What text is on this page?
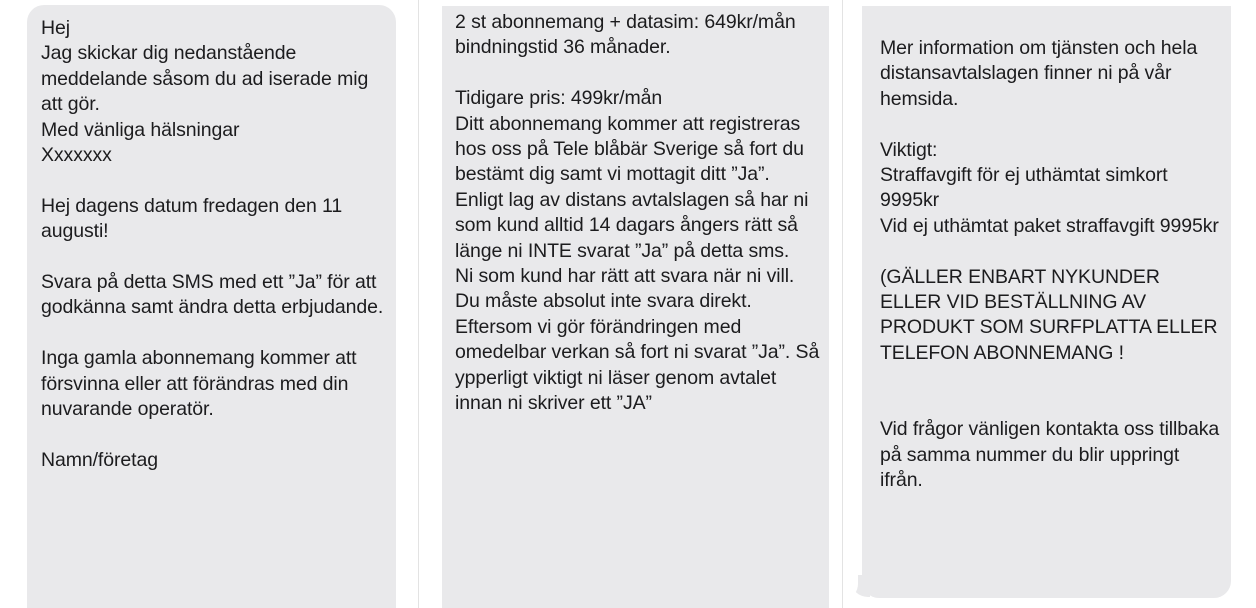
Hej
Jag skickar dig nedanstående meddelande såsom du ad iserade mig att gör.
Med vänliga hälsningar
Xxxxxxx

Hej dagens datum fredagen den 11 augusti!

Svara på detta SMS med ett ”Ja” för att godkänna samt ändra detta erbjudande.

Inga gamla abonnemang kommer att försvinna eller att förändras med din nuvarande operatör.

Namn/företag
2 st abonnemang + datasim: 649kr/mån bindningstid 36 månader.

Tidigare pris: 499kr/mån
Ditt abonnemang kommer att registreras hos oss på Tele blåbär Sverige så fort du bestämt dig samt vi mottagit ditt ”Ja”. Enligt lag av distans avtalslagen så har ni som kund alltid 14 dagars ångers rätt så länge ni INTE svarat ”Ja” på detta sms.
Ni som kund har rätt att svara när ni vill. Du måste absolut inte svara direkt. Eftersom vi gör förändringen med omedelbar verkan så fort ni svarat ”Ja”. Så ypperligt viktigt ni läser genom avtalet innan ni skriver ett ”JA”
Mer information om tjänsten och hela distansavtalslagen finner ni på vår hemsida.

Viktigt:
Straffavgift för ej uthämtat simkort 9995kr
Vid ej uthämtat paket straffavgift 9995kr

(GÄLLER ENBART NYKUNDER ELLER VID BESTÄLLNING AV PRODUKT SOM SURFPLATTA ELLER TELEFON ABONNEMANG !

Vid frågor vänligen kontakta oss tillbaka på samma nummer du blir uppringt ifrån.
